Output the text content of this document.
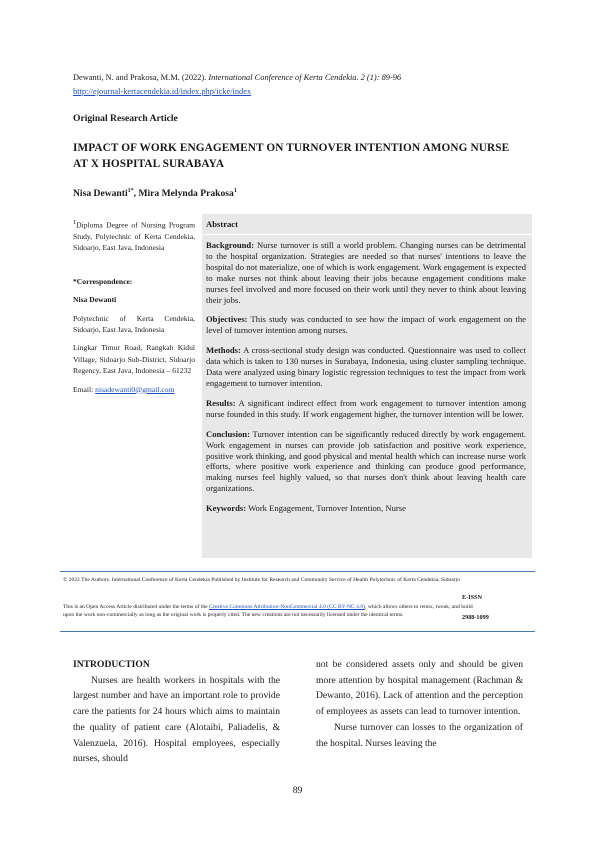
Dewanti, N. and Prakosa, M.M. (2022). International Conference of Kerta Cendekia. 2 (1): 89-96
http://ejournal-kertacendekia.id/index.php/icke/index
Original Research Article
IMPACT OF WORK ENGAGEMENT ON TURNOVER INTENTION AMONG NURSE AT X HOSPITAL SURABAYA
Nisa Dewanti$^{1*}$, Mira Melynda Prakosa$^1$

$^1$Diploma Degree of Nursing Program Study, Polytechnic of Kerta Cendekia, Sidoarjo, East Java, Indonesia

*Correspondence:

Nisa Dewanti

Polytechnic of Kerta Cendekia, Sidoarjo, East Java, Indonesia

Lingkar Timur Road, Rangkah Kidul Village, Sidoarjo Sub-District, Sidoarjo Regency, East Java, Indonesia – 61232

Email: nisadewanti0@gmail.com

Abstract

Background: Nurse turnover is still a world problem. Changing nurses can be detrimental to the hospital organization. Strategies are needed so that nurses' intentions to leave the hospital do not materialize, one of which is work engagement. Work engagement is expected to make nurses not think about leaving their jobs because engagement conditions make nurses feel involved and more focused on their work until they never to think about leaving their jobs.

Objectives: This study was conducted to see how the impact of work engagement on the level of turnover intention among nurses.

Methods: A cross-sectional study design was conducted. Questionnaire was used to collect data which is taken to 130 nurses in Surabaya, Indonesia, using cluster sampling technique. Data were analyzed using binary logistic regression techniques to test the impact from work engagement to turnover intention.

Results: A significant indirect effect from work engagement to turnover intention among nurse founded in this study. If work engagement higher, the turnover intention will be lower.

Conclusion: Turnover intention can be significantly reduced directly by work engagement. Work engagement in nurses can provide job satisfaction and positive work experience, positive work thinking, and good physical and mental health which can increase nurse work efforts, where positive work experience and thinking can produce good performance, making nurses feel highly valued, so that nurses don't think about leaving health care organizations.

Keywords: Work Engagement, Turnover Intention, Nurse

© 2022 The Authors. International Conference of Kerta Cendekia Published by Institute for Research and Community Service of Health Polytechnic of Kerta Cendekia, Sidoarjo
This is an Open Access Article distributed under the terms of the Creative Commons Attribution-NonCommercial 4.0 (CC BY-NC 4.0), which allows others to remix, tweak, and build upon the work non-commercially as long as the original work is properly cited. The new creations are not necessarily licensed under the identical terms.
E-ISSN
2988-1099

INTRODUCTION

Nurses are health workers in hospitals with the largest number and have an important role to provide care the patients for 24 hours which aims to maintain the quality of patient care (Alotaibi, Paliadelis, & Valenzuela, 2016). Hospital employees, especially nurses, should

not be considered assets only and should be given more attention by hospital management (Rachman & Dewanto, 2016). Lack of attention and the perception of employees as assets can lead to turnover intention.

Nurse turnover can losses to the organization of the hospital. Nurses leaving the

89
